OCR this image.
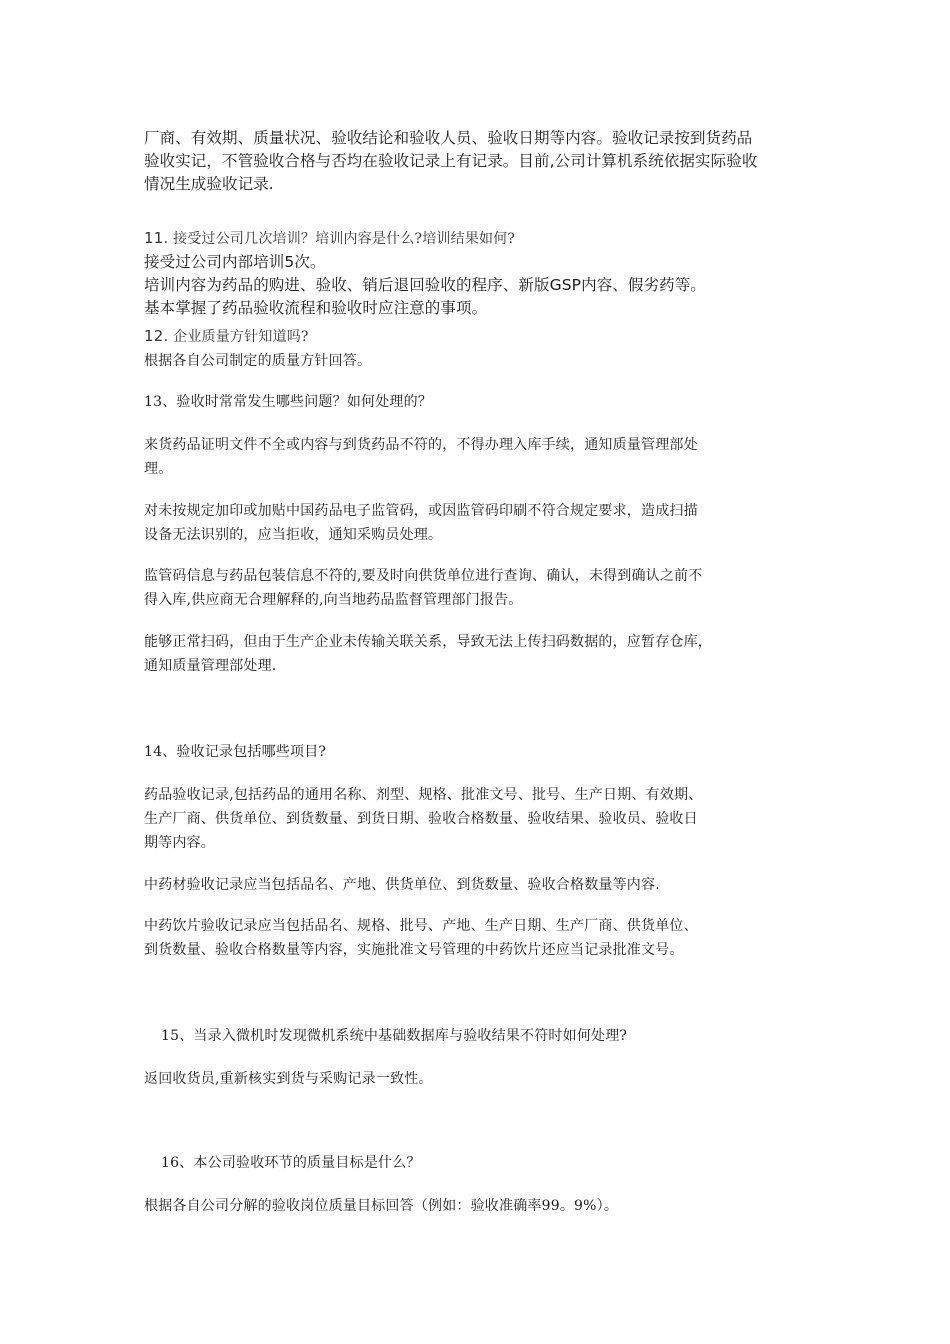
厂商、有效期、质量状况、验收结论和验收人员、验收日期等内容。验收记录按到货药品
验收实记，不管验收合格与否均在验收记录上有记录。目前,公司计算机系统依据实际验收
情况生成验收记录.
11. 接受过公司几次培训？培训内容是什么?培训结果如何?
接受过公司内部培训5次。
培训内容为药品的购进、验收、销后退回验收的程序、新版GSP内容、假劣药等。
基本掌握了药品验收流程和验收时应注意的事项。
12. 企业质量方针知道吗?
根据各自公司制定的质量方针回答。
13、验收时常常发生哪些问题？如何处理的？
来货药品证明文件不全或内容与到货药品不符的，不得办理入库手续，通知质量管理部处
理。
对未按规定加印或加贴中国药品电子监管码，或因监管码印刷不符合规定要求，造成扫描
设备无法识别的，应当拒收，通知采购员处理。
监管码信息与药品包装信息不符的,要及时向供货单位进行查询、确认，未得到确认之前不
得入库,供应商无合理解释的,向当地药品监督管理部门报告。
能够正常扫码，但由于生产企业未传输关联关系，导致无法上传扫码数据的，应暂存仓库，
通知质量管理部处理.
14、验收记录包括哪些项目?
药品验收记录,包括药品的通用名称、剂型、规格、批准文号、批号、生产日期、有效期、
生产厂商、供货单位、到货数量、到货日期、验收合格数量、验收结果、验收员、验收日
期等内容。
中药材验收记录应当包括品名、产地、供货单位、到货数量、验收合格数量等内容.
中药饮片验收记录应当包括品名、规格、批号、产地、生产日期、生产厂商、供货单位、
到货数量、验收合格数量等内容，实施批准文号管理的中药饮片还应当记录批准文号。
15、当录入微机时发现微机系统中基础数据库与验收结果不符时如何处理?
返回收货员,重新核实到货与采购记录一致性。
16、本公司验收环节的质量目标是什么？
根据各自公司分解的验收岗位质量目标回答（例如：验收准确率99。9%）。
